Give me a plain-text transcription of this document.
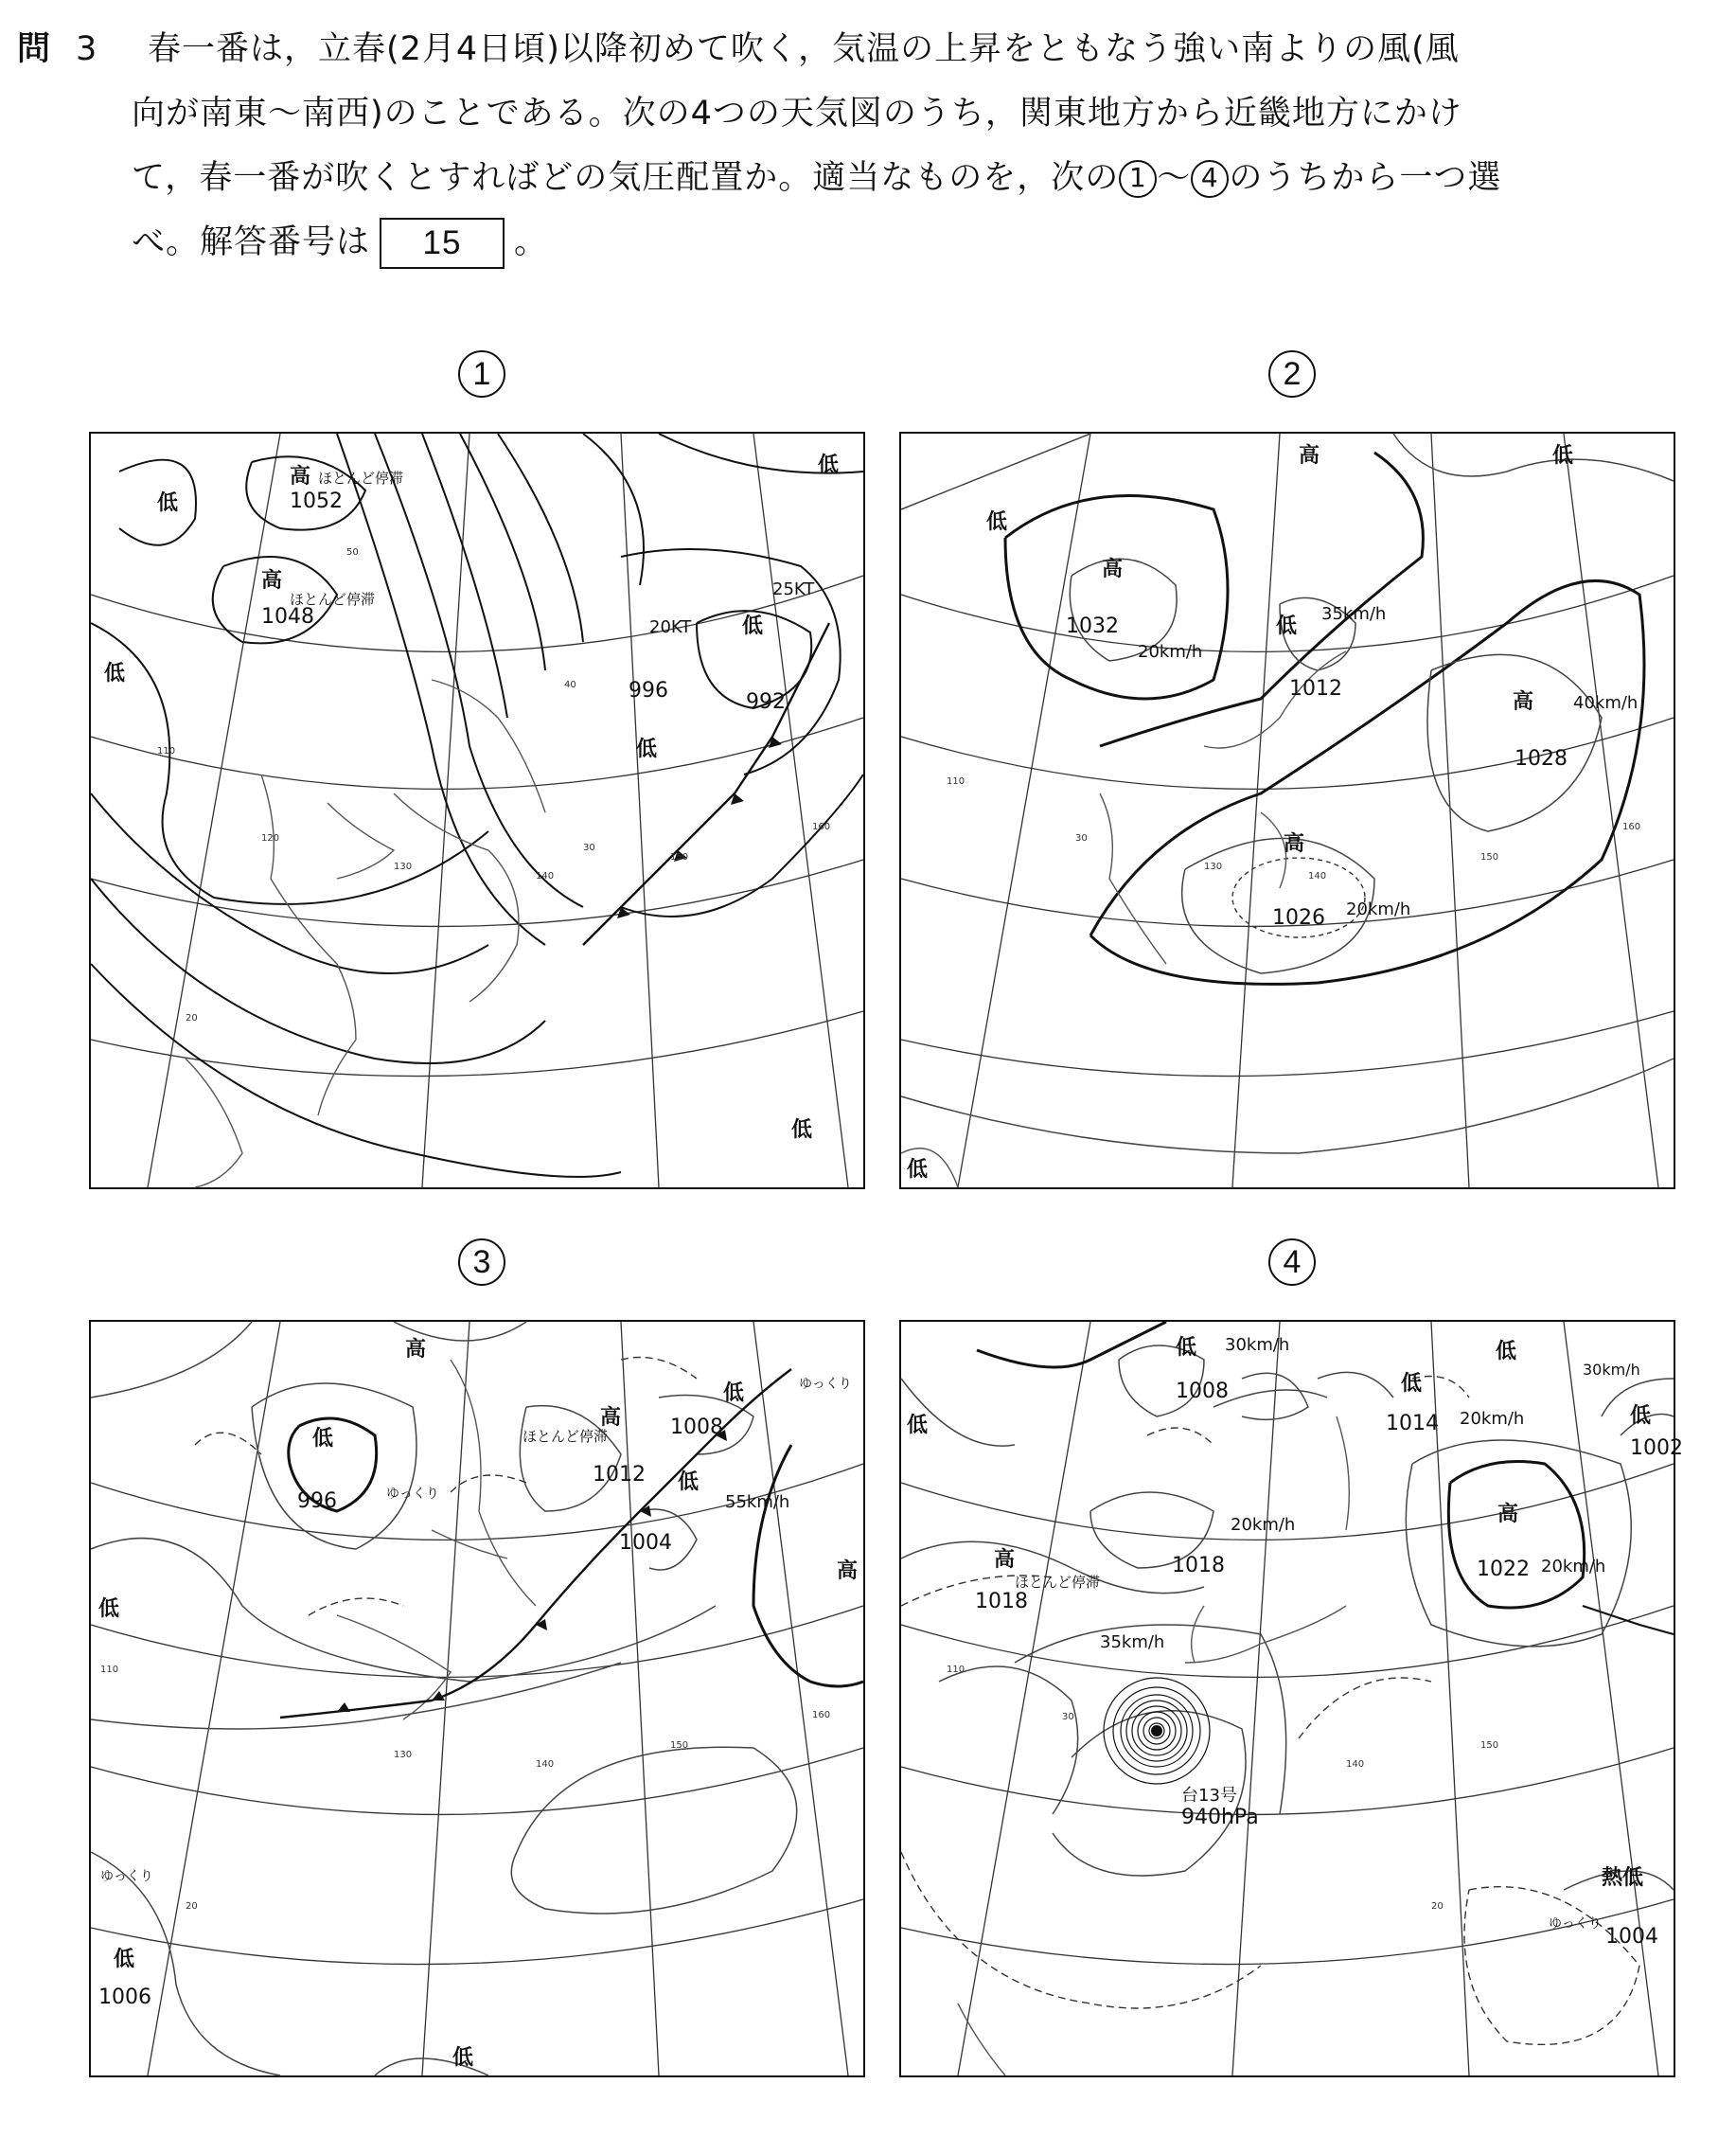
問 3 春一番は，立春(2月4日頃)以降初めて吹く，気温の上昇をともなう強い南よりの風(風
向が南東〜南西)のことである。次の4つの天気図のうち，関東地方から近畿地方にかけ
て，春一番が吹くとすればどの気圧配置か。適当なものを，次の 1 〜 4 のうちから一つ選
べ。解答番号は 15 。
1	2
3	4
高
1052
ほとんど停滞
高
1048
ほとんど停滞
低
低
低
996
20KT 低
992
25KT
低
50
40
30
20
110
120
130
140
150
160
低
低
高	低
高
1032
20km/h
低
35km/h
1012
高 40km/h
1028
高
1026 20km/h
低
110
30
130
140
150
160
高
高
ほとんど停滞
1012
低
1008
ゆっくり
低
996	ゆっくり	低
1004
55km/h
低
高
ゆっくり
低
1006
低
110
130
140
150
160
20
低
1008
30km/h
低
1014 20km/h
低
30km/h
1002
低
低
高
1018
ほとんど停滞
1018
20km/h	高
1022 20km/h
35km/h
台13号
940hPa
熱低
ゆっくり
1004
110
30
140
150
20
